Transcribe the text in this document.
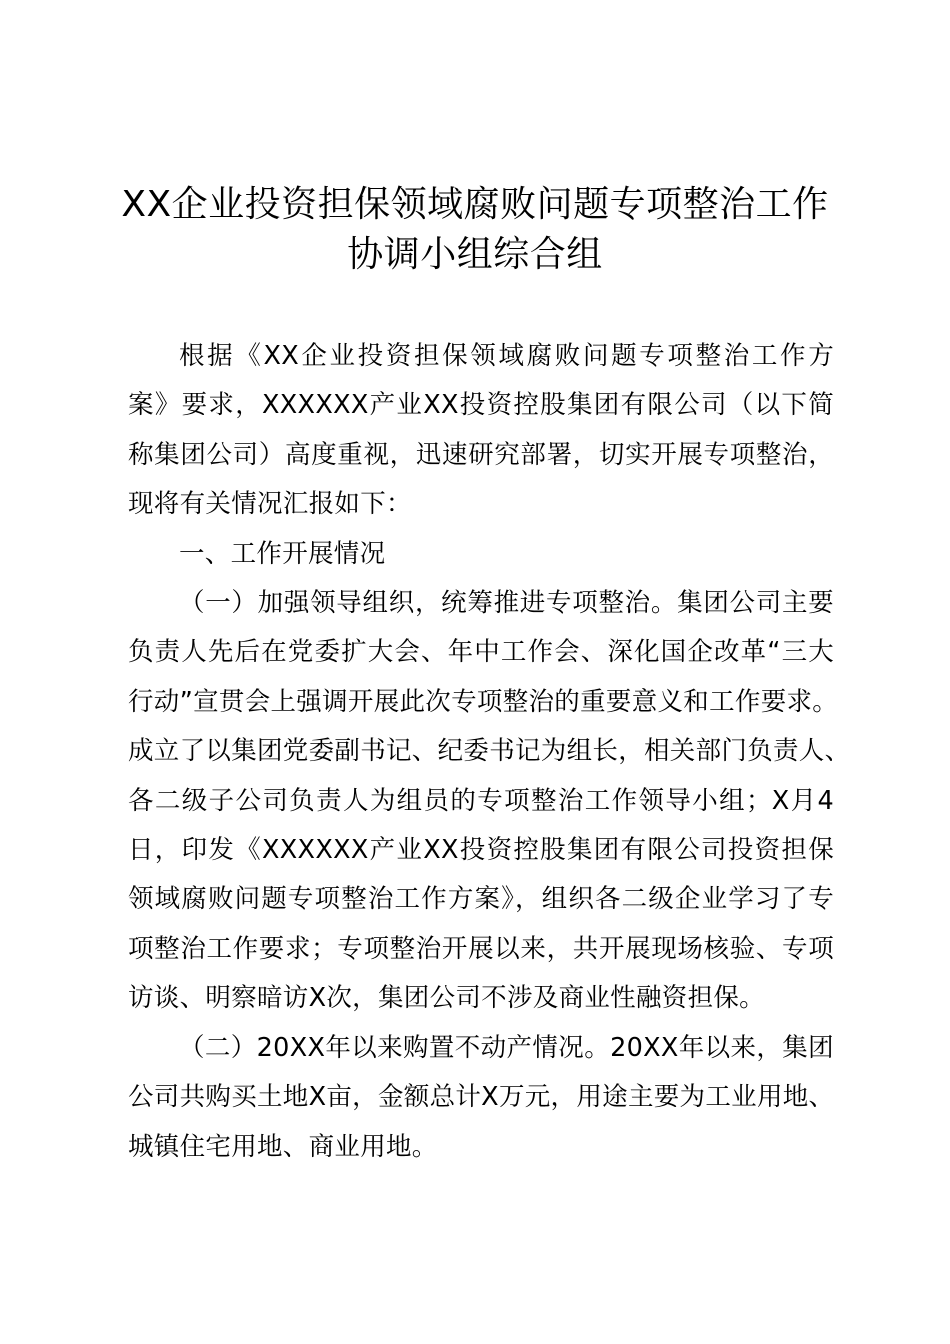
XX企业投资担保领域腐败问题专项整治工作
协调小组综合组
根据《XX企业投资担保领域腐败问题专项整治工作方
案》要求，XXXXXX产业XX投资控股集团有限公司（以下简
称集团公司）高度重视，迅速研究部署，切实开展专项整治，
现将有关情况汇报如下：
一、工作开展情况
（一）加强领导组织，统筹推进专项整治。集团公司主要
负责人先后在党委扩大会、年中工作会、深化国企改革“三大
行动”宣贯会上强调开展此次专项整治的重要意义和工作要求。
成立了以集团党委副书记、纪委书记为组长，相关部门负责人、
各二级子公司负责人为组员的专项整治工作领导小组；X月4
日，印发《XXXXXX产业XX投资控股集团有限公司投资担保
领域腐败问题专项整治工作方案》，组织各二级企业学习了专
项整治工作要求；专项整治开展以来，共开展现场核验、专项
访谈、明察暗访X次，集团公司不涉及商业性融资担保。
（二）20XX年以来购置不动产情况。20XX年以来，集团
公司共购买土地X亩，金额总计X万元，用途主要为工业用地、
城镇住宅用地、商业用地。
